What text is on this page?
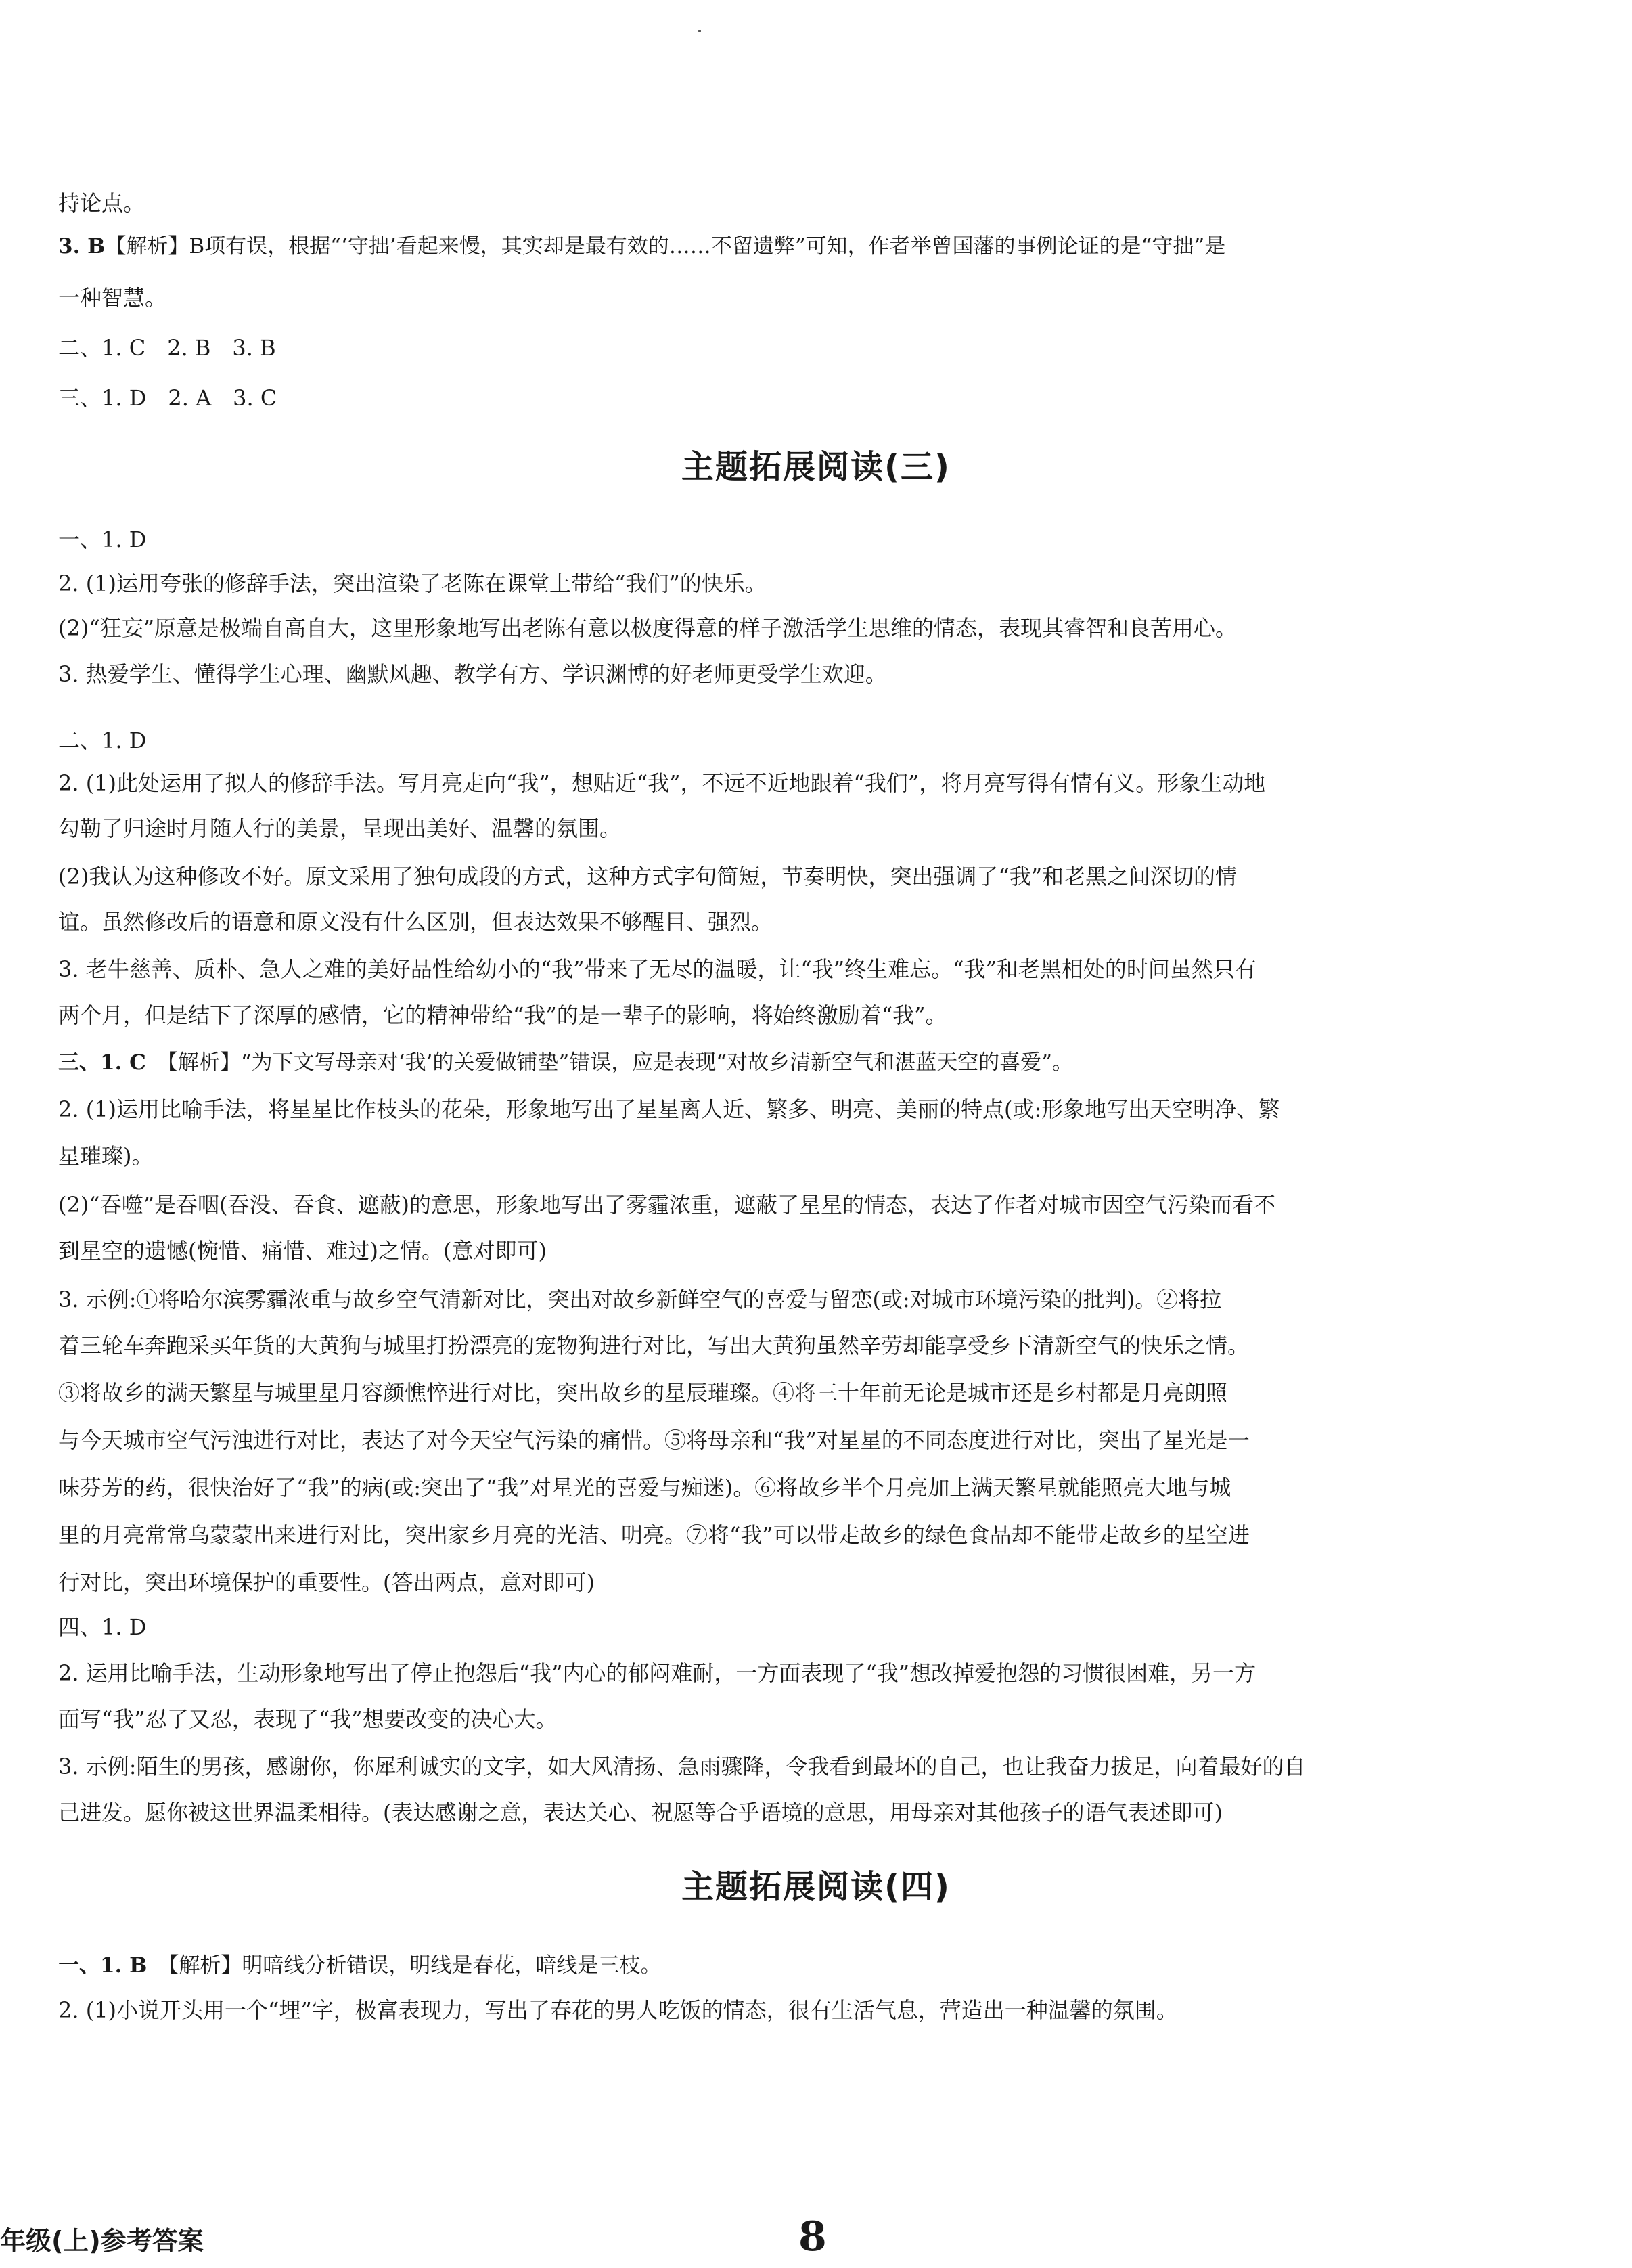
持论点。
3. B【解析】B项有误，根据“‘守拙’看起来慢，其实却是最有效的……不留遗弊”可知，作者举曾国藩的事例论证的是“守拙”是
一种智慧。
二、1. C　2. B　3. B
三、1. D　2. A　3. C
主题拓展阅读(三)
一、1. D
2. (1)运用夸张的修辞手法，突出渲染了老陈在课堂上带给“我们”的快乐。
(2)“狂妄”原意是极端自高自大，这里形象地写出老陈有意以极度得意的样子激活学生思维的情态，表现其睿智和良苦用心。
3. 热爱学生、懂得学生心理、幽默风趣、教学有方、学识渊博的好老师更受学生欢迎。
二、1. D
2. (1)此处运用了拟人的修辞手法。写月亮走向“我”，想贴近“我”，不远不近地跟着“我们”，将月亮写得有情有义。形象生动地
勾勒了归途时月随人行的美景，呈现出美好、温馨的氛围。
(2)我认为这种修改不好。原文采用了独句成段的方式，这种方式字句简短，节奏明快，突出强调了“我”和老黑之间深切的情
谊。虽然修改后的语意和原文没有什么区别，但表达效果不够醒目、强烈。
3. 老牛慈善、质朴、急人之难的美好品性给幼小的“我”带来了无尽的温暖，让“我”终生难忘。“我”和老黑相处的时间虽然只有
两个月，但是结下了深厚的感情，它的精神带给“我”的是一辈子的影响，将始终激励着“我”。
三、1. C 【解析】“为下文写母亲对‘我’的关爱做铺垫”错误，应是表现“对故乡清新空气和湛蓝天空的喜爱”。
2. (1)运用比喻手法，将星星比作枝头的花朵，形象地写出了星星离人近、繁多、明亮、美丽的特点(或:形象地写出天空明净、繁
星璀璨)。
(2)“吞噬”是吞咽(吞没、吞食、遮蔽)的意思，形象地写出了雾霾浓重，遮蔽了星星的情态，表达了作者对城市因空气污染而看不
到星空的遗憾(惋惜、痛惜、难过)之情。(意对即可)
3. 示例:①将哈尔滨雾霾浓重与故乡空气清新对比，突出对故乡新鲜空气的喜爱与留恋(或:对城市环境污染的批判)。②将拉
着三轮车奔跑采买年货的大黄狗与城里打扮漂亮的宠物狗进行对比，写出大黄狗虽然辛劳却能享受乡下清新空气的快乐之情。
③将故乡的满天繁星与城里星月容颜憔悴进行对比，突出故乡的星辰璀璨。④将三十年前无论是城市还是乡村都是月亮朗照
与今天城市空气污浊进行对比，表达了对今天空气污染的痛惜。⑤将母亲和“我”对星星的不同态度进行对比，突出了星光是一
味芬芳的药，很快治好了“我”的病(或:突出了“我”对星光的喜爱与痴迷)。⑥将故乡半个月亮加上满天繁星就能照亮大地与城
里的月亮常常乌蒙蒙出来进行对比，突出家乡月亮的光洁、明亮。⑦将“我”可以带走故乡的绿色食品却不能带走故乡的星空进
行对比，突出环境保护的重要性。(答出两点，意对即可)
四、1. D
2. 运用比喻手法，生动形象地写出了停止抱怨后“我”内心的郁闷难耐，一方面表现了“我”想改掉爱抱怨的习惯很困难，另一方
面写“我”忍了又忍，表现了“我”想要改变的决心大。
3. 示例:陌生的男孩，感谢你，你犀利诚实的文字，如大风清扬、急雨骤降，令我看到最坏的自己，也让我奋力拔足，向着最好的自
己进发。愿你被这世界温柔相待。(表达感谢之意，表达关心、祝愿等合乎语境的意思，用母亲对其他孩子的语气表述即可)
主题拓展阅读(四)
一、1. B 【解析】明暗线分析错误，明线是春花，暗线是三枝。
2. (1)小说开头用一个“埋”字，极富表现力，写出了春花的男人吃饭的情态，很有生活气息，营造出一种温馨的氛围。
年级(上)参考答案	8
